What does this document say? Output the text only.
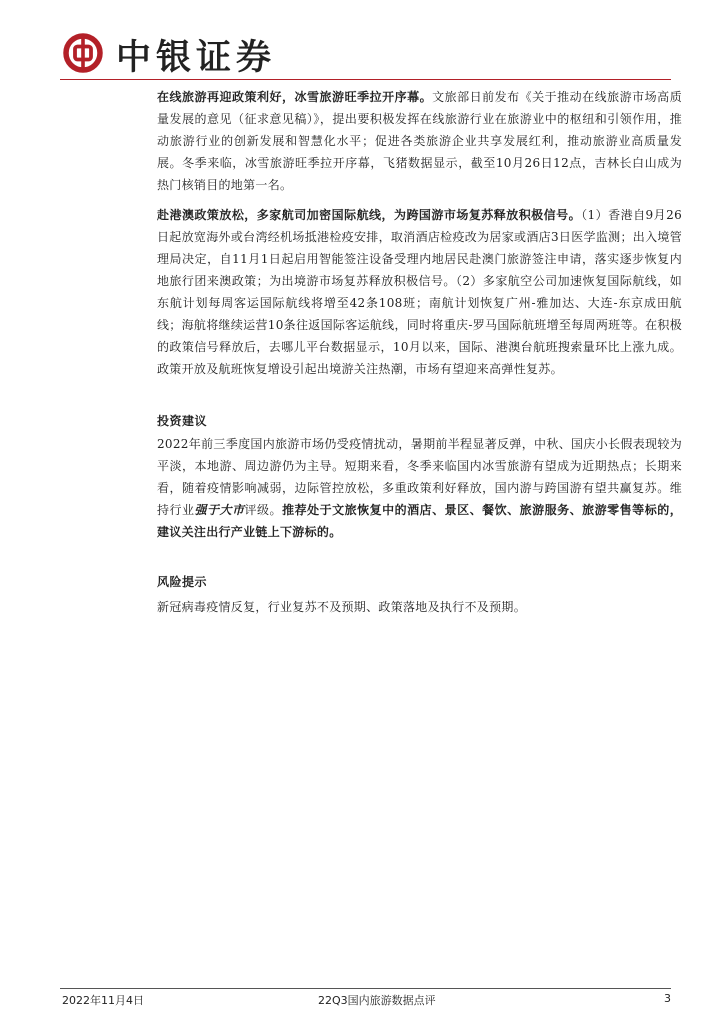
中银证券

在线旅游再迎政策利好，冰雪旅游旺季拉开序幕。文旅部日前发布《关于推动在线旅游市场高质量发展的意见（征求意见稿）》，提出要积极发挥在线旅游行业在旅游业中的枢纽和引领作用，推动旅游行业的创新发展和智慧化水平；促进各类旅游企业共享发展红利，推动旅游业高质量发展。冬季来临，冰雪旅游旺季拉开序幕，飞猪数据显示，截至10月26日12点，吉林长白山成为热门核销目的地第一名。

赴港澳政策放松，多家航司加密国际航线，为跨国游市场复苏释放积极信号。（1）香港自9月26日起放宽海外或台湾经机场抵港检疫安排，取消酒店检疫改为居家或酒店3日医学监测；出入境管理局决定，自11月1日起启用智能签注设备受理内地居民赴澳门旅游签注申请，落实逐步恢复内地旅行团来澳政策；为出境游市场复苏释放积极信号。（2）多家航空公司加速恢复国际航线，如东航计划每周客运国际航线将增至42条108班；南航计划恢复广州-雅加达、大连-东京成田航线；海航将继续运营10条往返国际客运航线，同时将重庆-罗马国际航班增至每周两班等。在积极的政策信号释放后，去哪儿平台数据显示，10月以来，国际、港澳台航班搜索量环比上涨九成。政策开放及航班恢复增设引起出境游关注热潮，市场有望迎来高弹性复苏。

投资建议

2022年前三季度国内旅游市场仍受疫情扰动，暑期前半程显著反弹，中秋、国庆小长假表现较为平淡，本地游、周边游仍为主导。短期来看，冬季来临国内冰雪旅游有望成为近期热点；长期来看，随着疫情影响减弱，边际管控放松，多重政策利好释放，国内游与跨国游有望共赢复苏。维持行业强于大市评级。推荐处于文旅恢复中的酒店、景区、餐饮、旅游服务、旅游零售等标的，建议关注出行产业链上下游标的。

风险提示

新冠病毒疫情反复，行业复苏不及预期、政策落地及执行不及预期。

2022年11月4日	22Q3国内旅游数据点评	3
